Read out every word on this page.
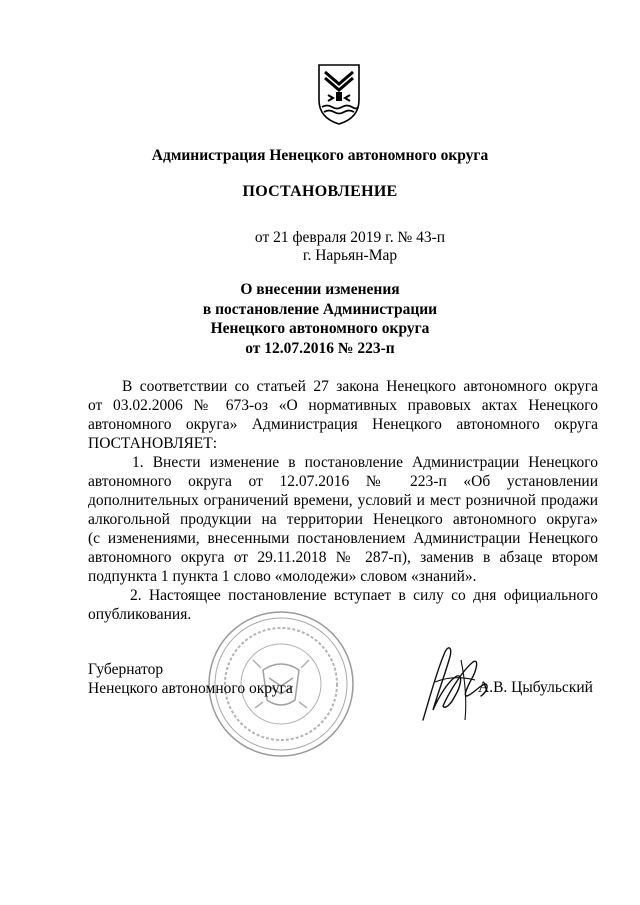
Администрация Ненецкого автономного округа
ПОСТАНОВЛЕНИЕ
от 21 февраля 2019 г. № 43-п
г. Нарьян-Мар
О внесении изменения
в постановление Администрации
Ненецкого автономного округа
от 12.07.2016 № 223-п
В соответствии со статьей 27 закона Ненецкого автономного округа
от 03.02.2006 № 673-оз «О нормативных правовых актах Ненецкого
автономного округа» Администрация Ненецкого автономного округа
ПОСТАНОВЛЯЕТ:
1. Внести изменение в постановление Администрации Ненецкого
автономного округа от 12.07.2016 № 223-п «Об установлении
дополнительных ограничений времени, условий и мест розничной продажи
алкогольной продукции на территории Ненецкого автономного округа»
(с изменениями, внесенными постановлением Администрации Ненецкого
автономного округа от 29.11.2018 № 287-п), заменив в абзаце втором
подпункта 1 пункта 1 слово «молодежи» словом «знаний».
2. Настоящее постановление вступает в силу со дня официального
опубликования.
Губернатор
Ненецкого автономного округа	А.В. Цыбульский
